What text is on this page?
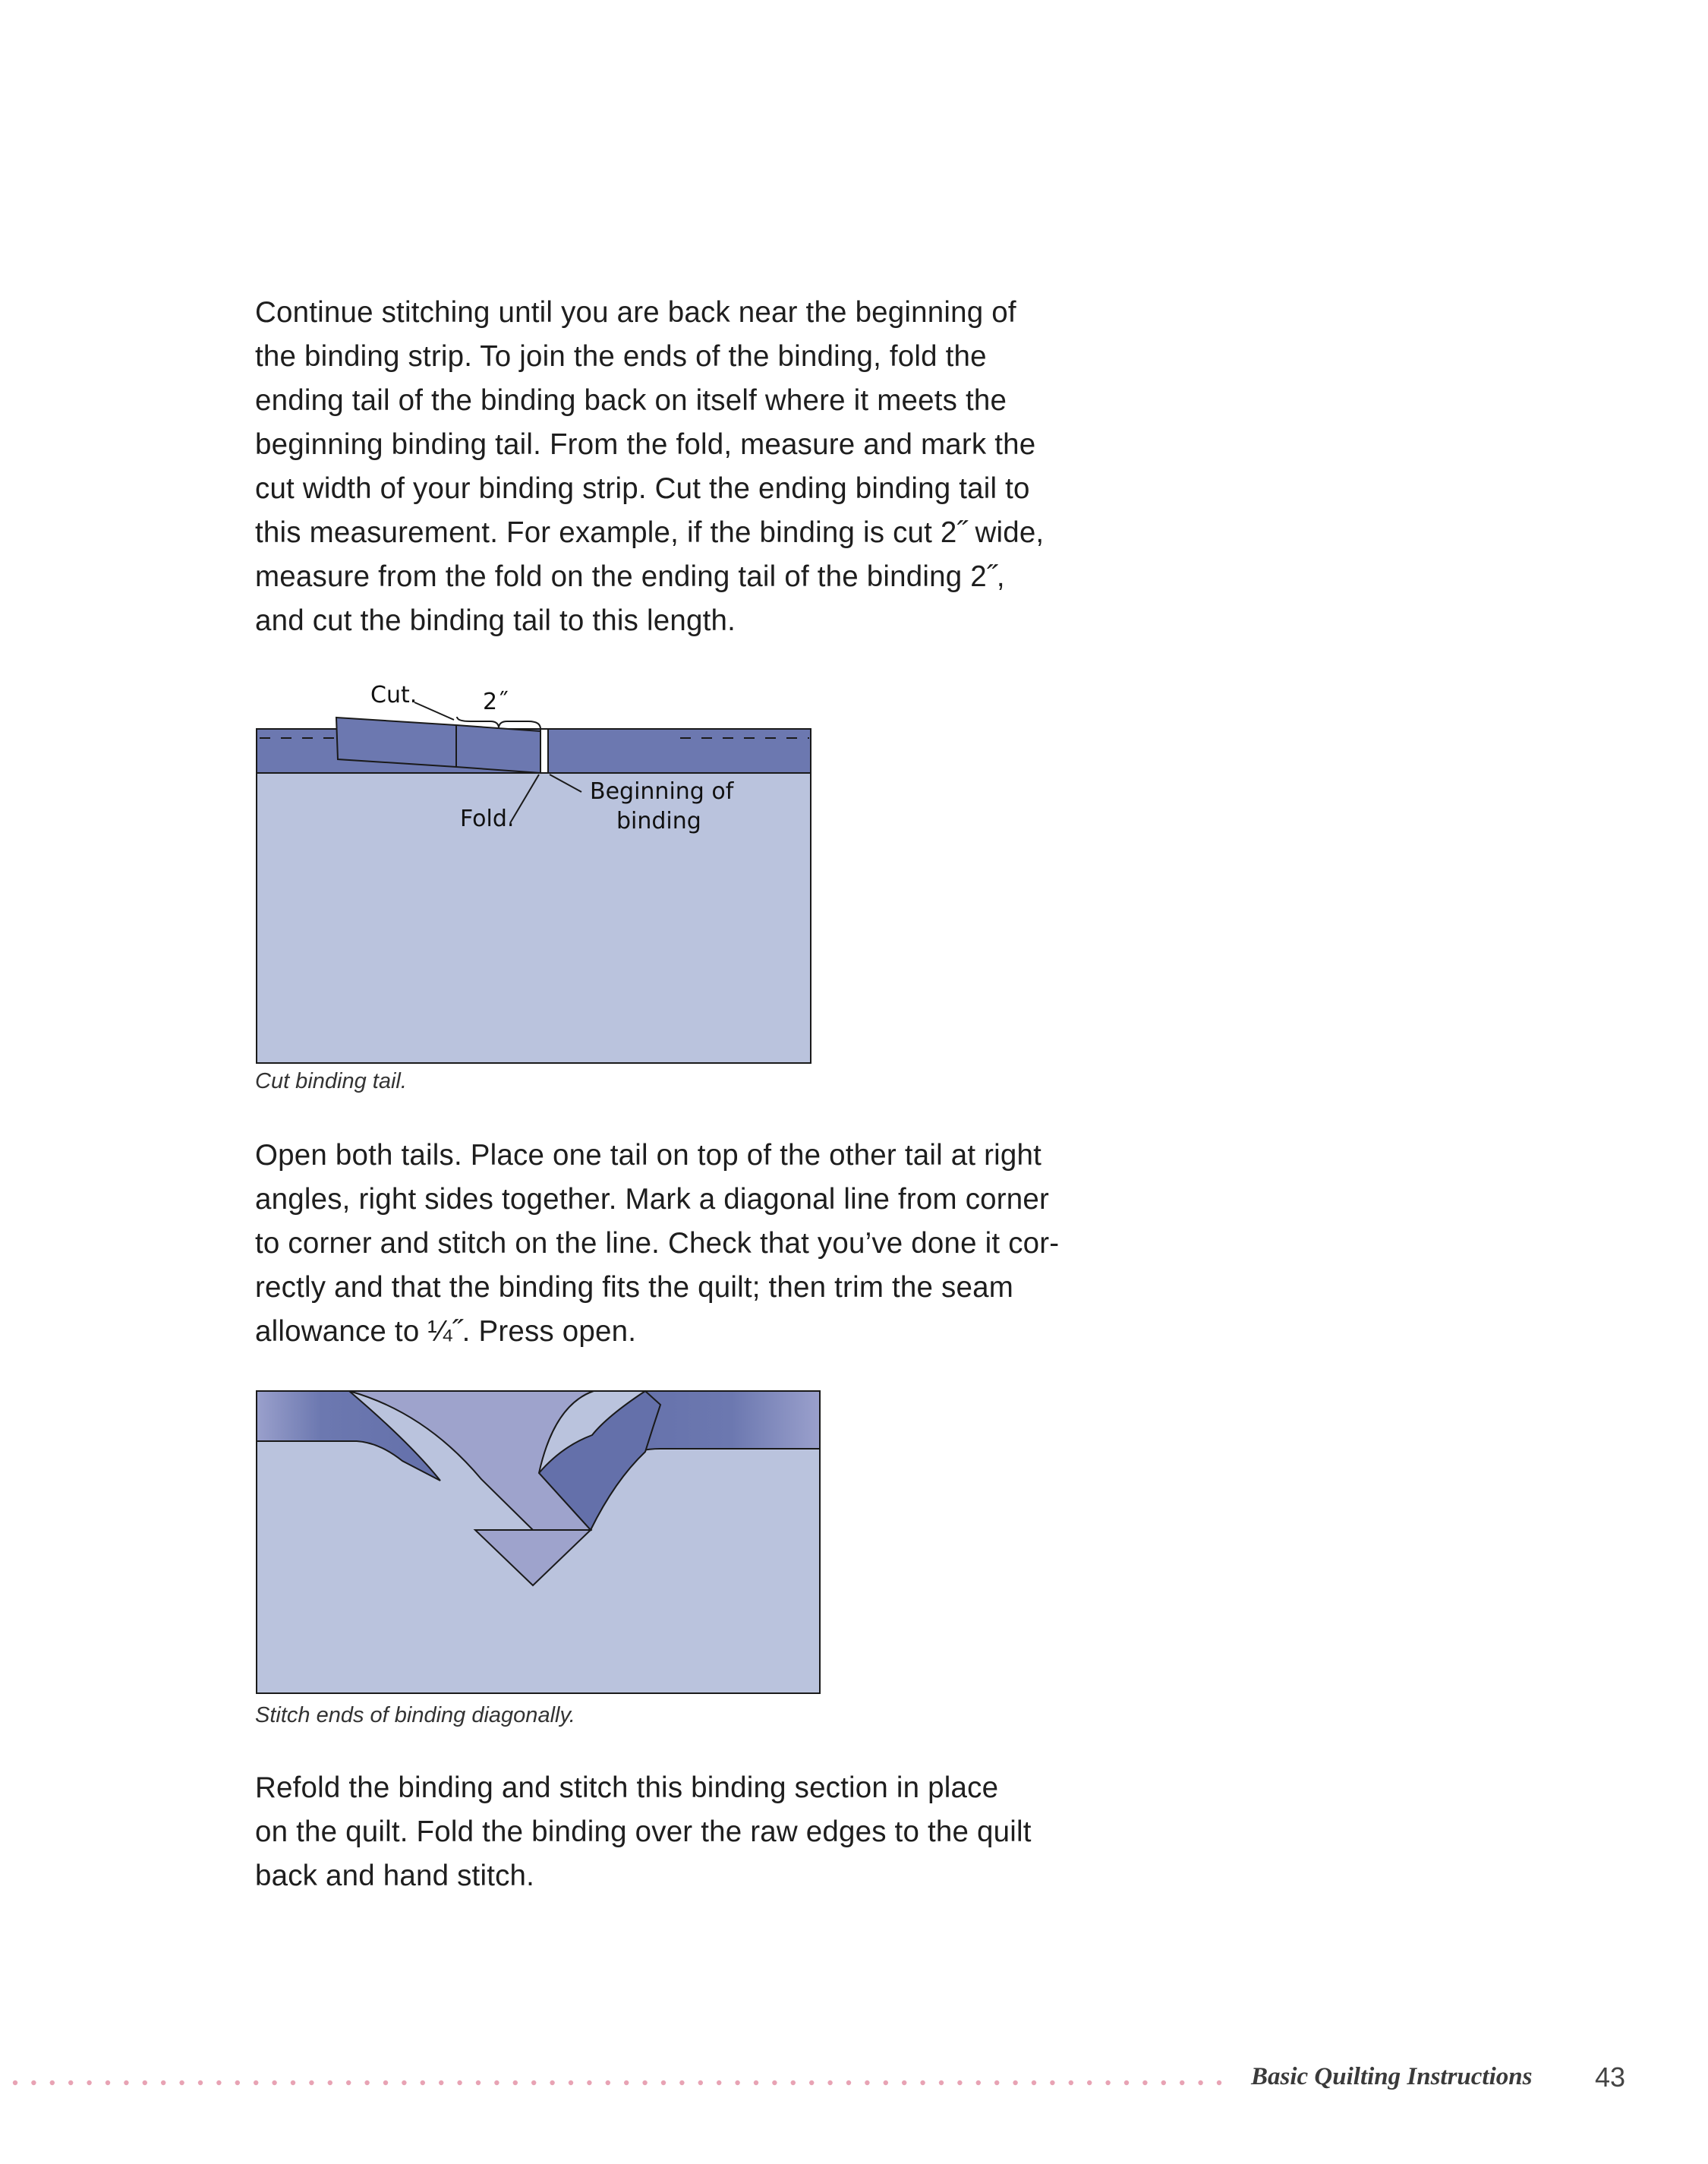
Continue stitching until you are back near the beginning of
the binding strip. To join the ends of the binding, fold the
ending tail of the binding back on itself where it meets the
beginning binding tail. From the fold, measure and mark the
cut width of your binding strip. Cut the ending binding tail to
this measurement. For example, if the binding is cut 2˝ wide,
measure from the fold on the ending tail of the binding 2˝,
and cut the binding tail to this length.
Cut.	2˝
Fold.
Beginning of
binding

Cut binding tail.

Open both tails. Place one tail on top of the other tail at right
angles, right sides together. Mark a diagonal line from corner
to corner and stitch on the line. Check that you’ve done it cor-
rectly and that the binding fits the quilt; then trim the seam
allowance to ¼˝. Press open.

Stitch ends of binding diagonally.

Refold the binding and stitch this binding section in place
on the quilt. Fold the binding over the raw edges to the quilt
back and hand stitch.

Basic Quilting Instructions 43
